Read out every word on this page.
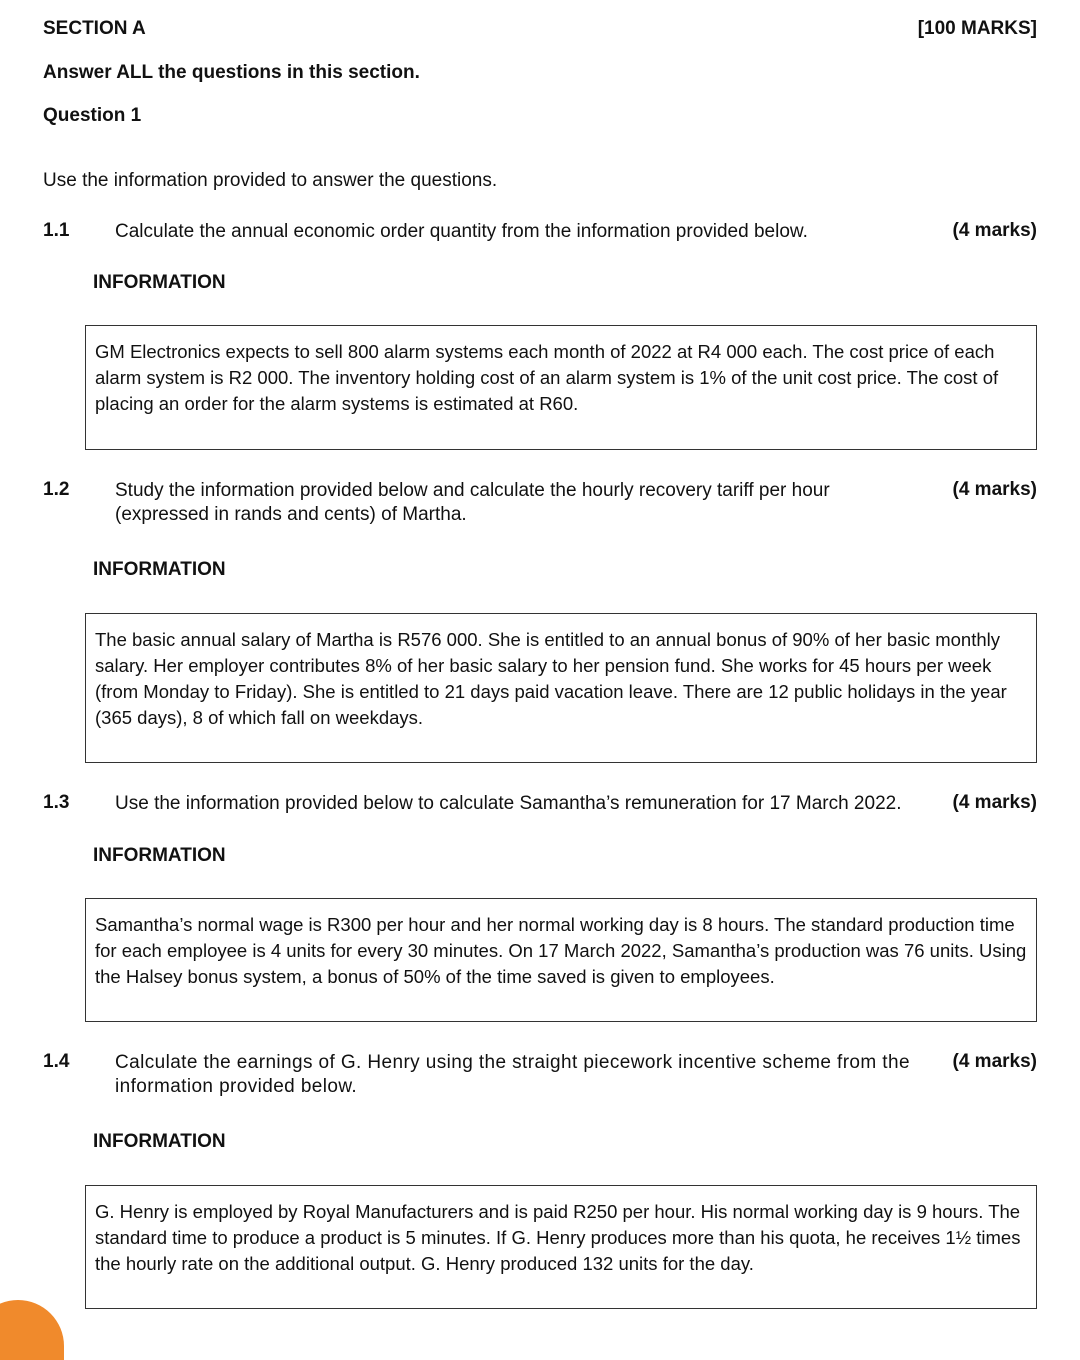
SECTION A	[100 MARKS]
Answer ALL the questions in this section.
Question 1
Use the information provided to answer the questions.
1.1 Calculate the annual economic order quantity from the information provided below.	(4 marks)
INFORMATION
GM Electronics expects to sell 800 alarm systems each month of 2022 at R4 000 each. The cost price of each alarm system is R2 000. The inventory holding cost of an alarm system is 1% of the unit cost price. The cost of placing an order for the alarm systems is estimated at R60.
1.2 Study the information provided below and calculate the hourly recovery tariff per hour (expressed in rands and cents) of Martha.
(4 marks)
INFORMATION
The basic annual salary of Martha is R576 000. She is entitled to an annual bonus of 90% of her basic monthly salary. Her employer contributes 8% of her basic salary to her pension fund. She works for 45 hours per week (from Monday to Friday). She is entitled to 21 days paid vacation leave. There are 12 public holidays in the year (365 days), 8 of which fall on weekdays.
1.3 Use the information provided below to calculate Samantha’s remuneration for 17 March 2022.	(4 marks)
INFORMATION
Samantha’s normal wage is R300 per hour and her normal working day is 8 hours. The standard production time for each employee is 4 units for every 30 minutes. On 17 March 2022, Samantha’s production was 76 units. Using the Halsey bonus system, a bonus of 50% of the time saved is given to employees.
1.4 Calculate the earnings of G. Henry using the straight piecework incentive scheme from the information provided below.
(4 marks)
INFORMATION
G. Henry is employed by Royal Manufacturers and is paid R250 per hour. His normal working day is 9 hours. The standard time to produce a product is 5 minutes. If G. Henry produces more than his quota, he receives 1½ times the hourly rate on the additional output. G. Henry produced 132 units for the day.
